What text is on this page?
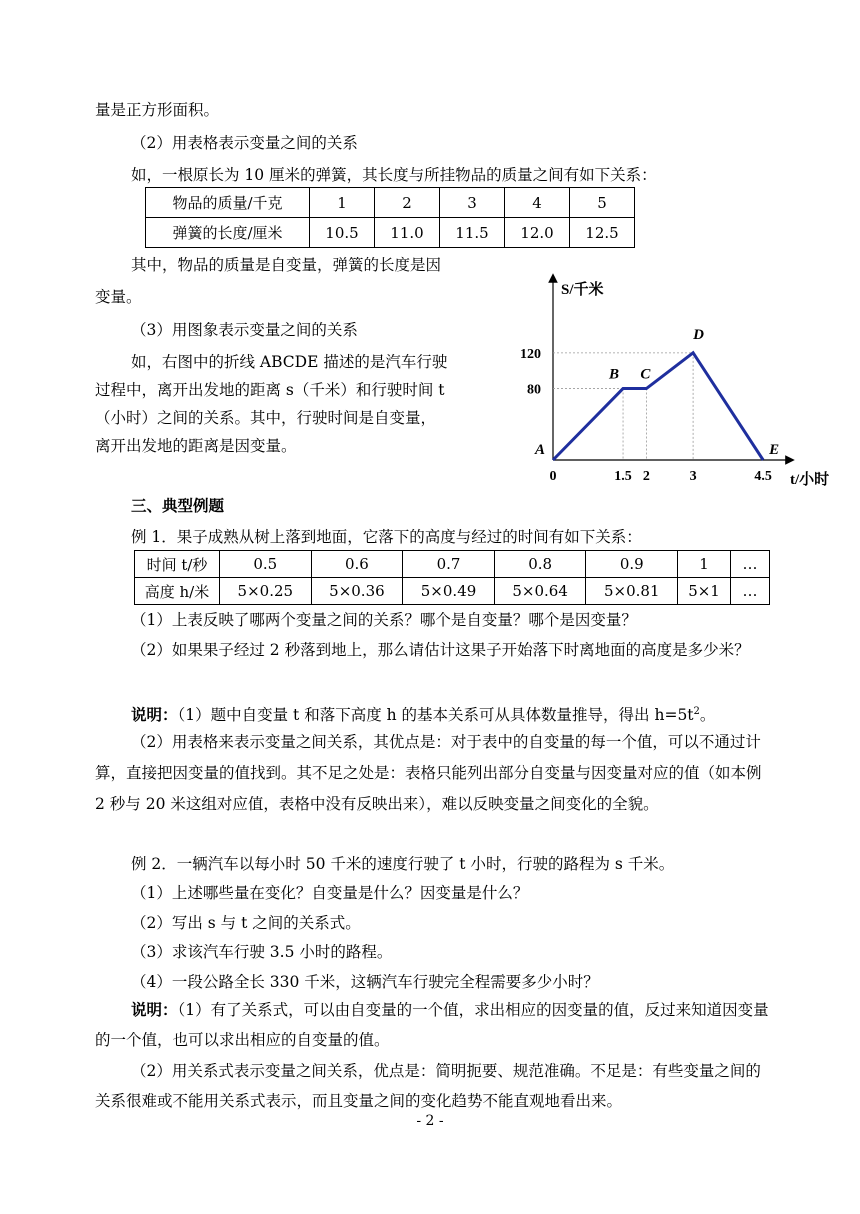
量是正方形面积。
（2）用表格表示变量之间的关系
如，一根原长为 10 厘米的弹簧，其长度与所挂物品的质量之间有如下关系：
物品的质量/千克	1	2	3	4	5
弹簧的长度/厘米	10.5	11.0	11.5	12.0	12.5
其中，物品的质量是自变量，弹簧的长度是因
变量。
（3）用图象表示变量之间的关系
如，右图中的折线 ABCDE 描述的是汽车行驶
过程中，离开出发地的距离 s（千米）和行驶时间 t
（小时）之间的关系。其中，行驶时间是自变量，
离开出发地的距离是因变量。	A
B C
D
E
0	1.5 2	3	4.5
80
120
S/千米
t/小时
三、典型例题
例 1．果子成熟从树上落到地面，它落下的高度与经过的时间有如下关系：
时间 t/秒	0.5	0.6	0.7	0.8	0.9	1	…
高度 h/米	5×0.25	5×0.36	5×0.49	5×0.64	5×0.81	5×1	…
（1）上表反映了哪两个变量之间的关系？哪个是自变量？哪个是因变量？
（2）如果果子经过 2 秒落到地上，那么请估计这果子开始落下时离地面的高度是多少米？
说明：（1）题中自变量 t 和落下高度 h 的基本关系可从具体数量推导，得出 $h=5t^2$。
（2）用表格来表示变量之间关系，其优点是：对于表中的自变量的每一个值，可以不通过计算，直接把因变量的值找到。其不足之处是：表格只能列出部分自变量与因变量对应的值（如本例 2 秒与 20 米这组对应值，表格中没有反映出来），难以反映变量之间变化的全貌。
例 2．一辆汽车以每小时 50 千米的速度行驶了 t 小时，行驶的路程为 s 千米。
（1）上述哪些量在变化？自变量是什么？因变量是什么？
（2）写出 s 与 t 之间的关系式。
（3）求该汽车行驶 3.5 小时的路程。
（4）一段公路全长 330 千米，这辆汽车行驶完全程需要多少小时？
说明：（1）有了关系式，可以由自变量的一个值，求出相应的因变量的值，反过来知道因变量的一个值，也可以求出相应的自变量的值。
（2）用关系式表示变量之间关系，优点是：简明扼要、规范准确。不足是：有些变量之间的关系很难或不能用关系式表示，而且变量之间的变化趋势不能直观地看出来。
- 2 -
